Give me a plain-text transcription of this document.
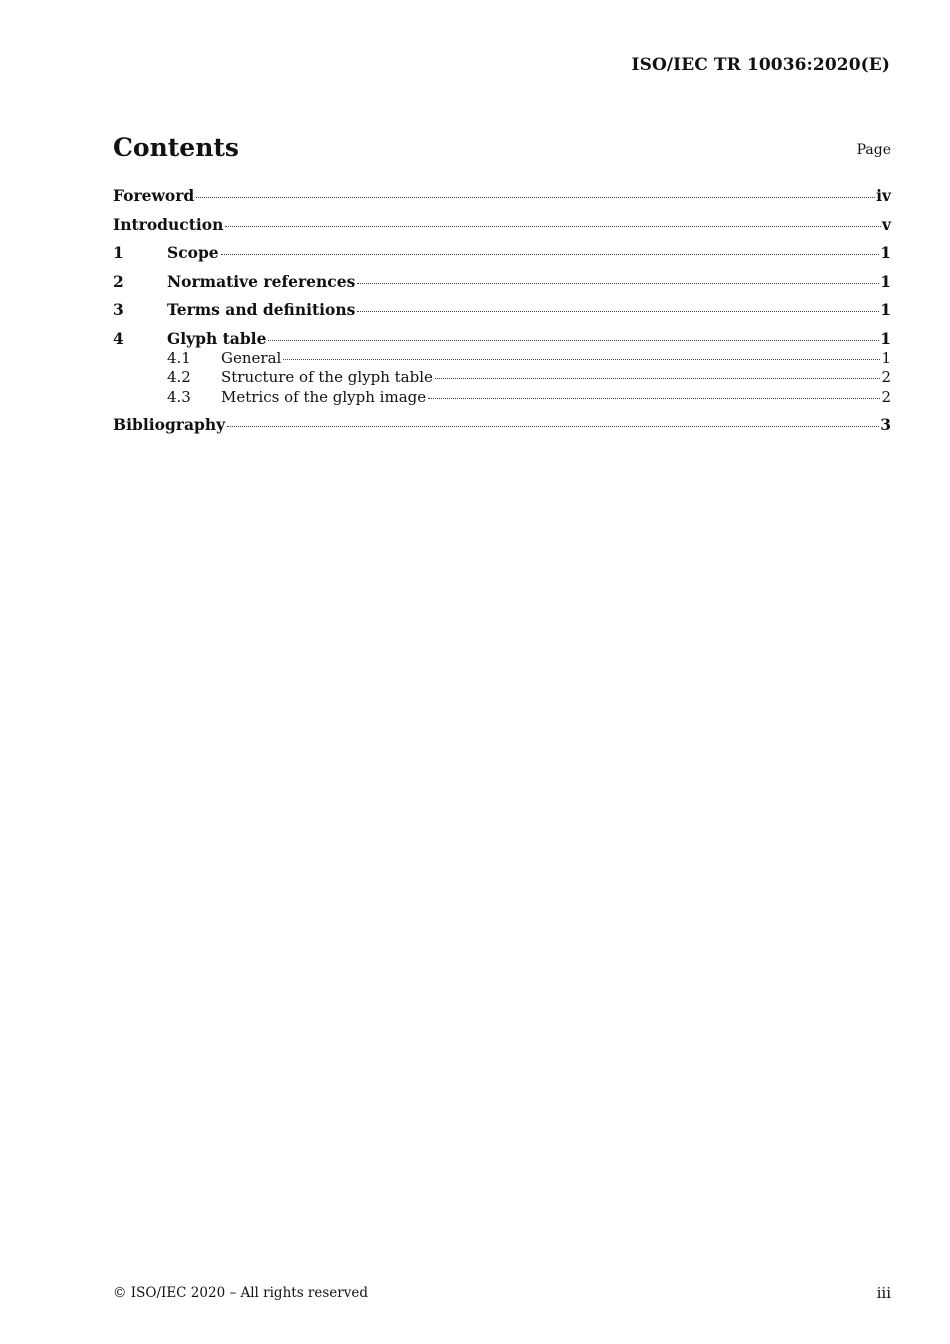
ISO/IEC TR 10036:2020(E)
Contents	Page
Foreword	iv
Introduction	v
1	Scope	1
2	Normative references	1
3	Terms and definitions	1
4	Glyph table	1
4.1	General	1
4.2	Structure of the glyph table	2
4.3	Metrics of the glyph image	2
Bibliography	3
© ISO/IEC 2020 – All rights reserved	iii
